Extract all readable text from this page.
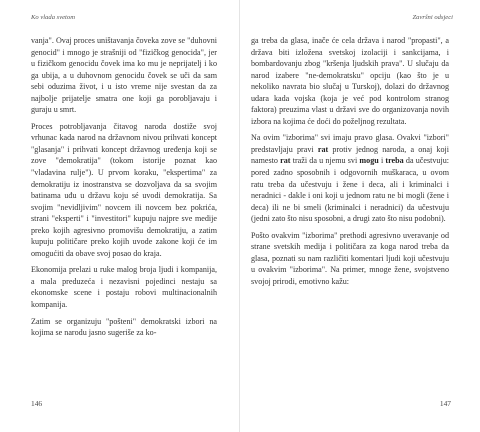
Ko vlada svetom

vanja". Ovaj proces uništavanja čoveka zove se "duhovni genocid" i mnogo je strašniji od "fizičkog genocida", jer u fizičkom genocidu čovek ima ko mu je neprijatelj i ko ga ubija, a u duhovnom genocidu čovek se uči da sam sebi oduzima život, i u isto vreme nije svestan da za najbolje prijatelje smatra one koji ga porobljavaju i guraju u smrt.

Proces potrobljavanja čitavog naroda dostiže svoj vrhunac kada narod na državnom nivou prihvati koncept "glasanja" i prihvati koncept državnog uređenja koji se zove "demokratija" (tokom istorije poznat kao "vladavina rulje"). U prvom koraku, "ekspertima" za demokratiju iz inostranstva se dozvoljava da sa svojim batinama uđu u državu koju sé uvodi demokratija. Sa svojim "nevidljivim" novcem ili novcem bez pokrića, strani "eksperti" i "investitori" kupuju najpre sve medije preko kojih agresivno promovišu demokratiju, a zatim kupuju političare preko kojih uvode zakone koji će im omogućiti da obave svoj posao do kraja.

Ekonomija prelazi u ruke malog broja ljudi i kompanija, a mala preduzeća i nezavisni pojedinci nestaju sa ekonomske scene i postaju robovi multinacionalnih kompanija.

Zatim se organizuju "pošteni" demokratski izbori na kojima se narodu jasno sugeriše za ko-

146
Završni odsjeci

ga treba da glasa, inače će cela država i narod "propasti", a država biti izložena svetskoj izolaciji i sankcijama, i bombardovanju zbog "kršenja ljudskih prava". U slučaju da narod izabere "ne-demokratsku" opciju (kao što je u nekoliko navrata bio slučaj u Turskoj), dolazi do državnog udara kada vojska (koja je već pod kontrolom stranog faktora) preuzima vlast u državi sve do organizovanja novih izbora na kojima će doći do poželjnog rezultata.

Na ovim "izborima" svi imaju pravo glasa. Ovakvi "izbori" predstavljaju pravi rat protiv jednog naroda, a onaj koji namesto rat traži da u njemu svi mogu i treba da učestvuju: pored zadno sposobnih i odgovornih muškaraca, u ovom ratu treba da učestvuju i žene i deca, ali i kriminalci i neradnici - dakle i oni koji u jednom ratu ne bi mogli (žene i deca) ili ne bi smeli (kriminalci i neradnici) da učestvuju (jedni zato što nisu sposobni, a drugi zato što nisu podobni).

Pošto ovakvim "izborima" prethodi agresivno uveravanje od strane svetskih medija i političara za koga narod treba da glasa, poznati su nam različiti komentari ljudi koji učestvuju u ovakvim "izborima". Na primer, mnoge žene, svojstveno svojoj prirodi, emotivno kažu:

147
